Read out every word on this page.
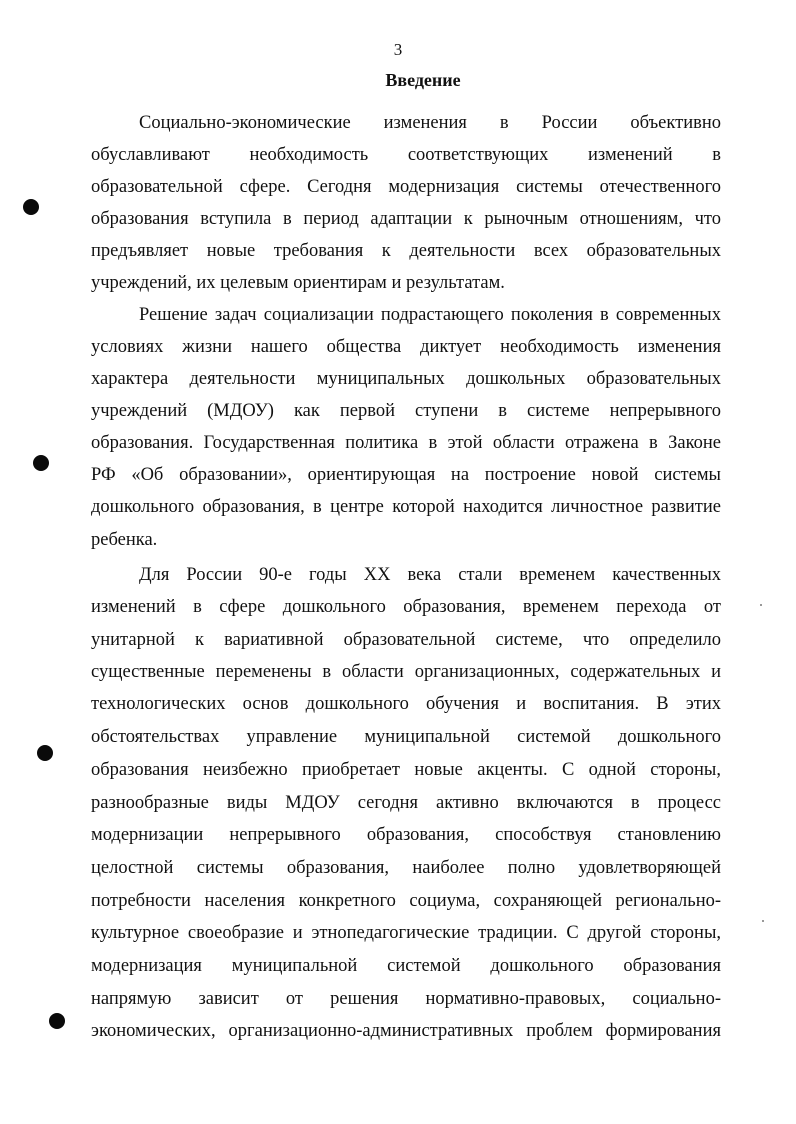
3
Введение
Социально-экономические изменения в России объективно
обуславливают необходимость соответствующих изменений в
образовательной сфере. Сегодня модернизация системы отечественного
образования вступила в период адаптации к рыночным отношениям, что
предъявляет новые требования к деятельности всех образовательных
учреждений, их целевым ориентирам и результатам.
Решение задач социализации подрастающего поколения в современных
условиях жизни нашего общества диктует необходимость изменения
характера деятельности муниципальных дошкольных образовательных
учреждений (МДОУ) как первой ступени в системе непрерывного
образования. Государственная политика в этой области отражена в Законе
РФ «Об образовании», ориентирующая на построение новой системы
дошкольного образования, в центре которой находится личностное развитие
ребенка.
Для России 90-е годы XX века стали временем качественных
изменений в сфере дошкольного образования, временем перехода от
унитарной к вариативной образовательной системе, что определило
существенные переменены в области организационных, содержательных и
технологических основ дошкольного обучения и воспитания. В этих
обстоятельствах управление муниципальной системой дошкольного
образования неизбежно приобретает новые акценты. С одной стороны,
разнообразные виды МДОУ сегодня активно включаются в процесс
модернизации непрерывного образования, способствуя становлению
целостной системы образования, наиболее полно удовлетворяющей
потребности населения конкретного социума, сохраняющей регионально-
культурное своеобразие и этнопедагогические традиции. С другой стороны,
модернизация муниципальной системой дошкольного образования
напрямую зависит от решения нормативно-правовых, социально-
экономических, организационно-административных проблем формирования
